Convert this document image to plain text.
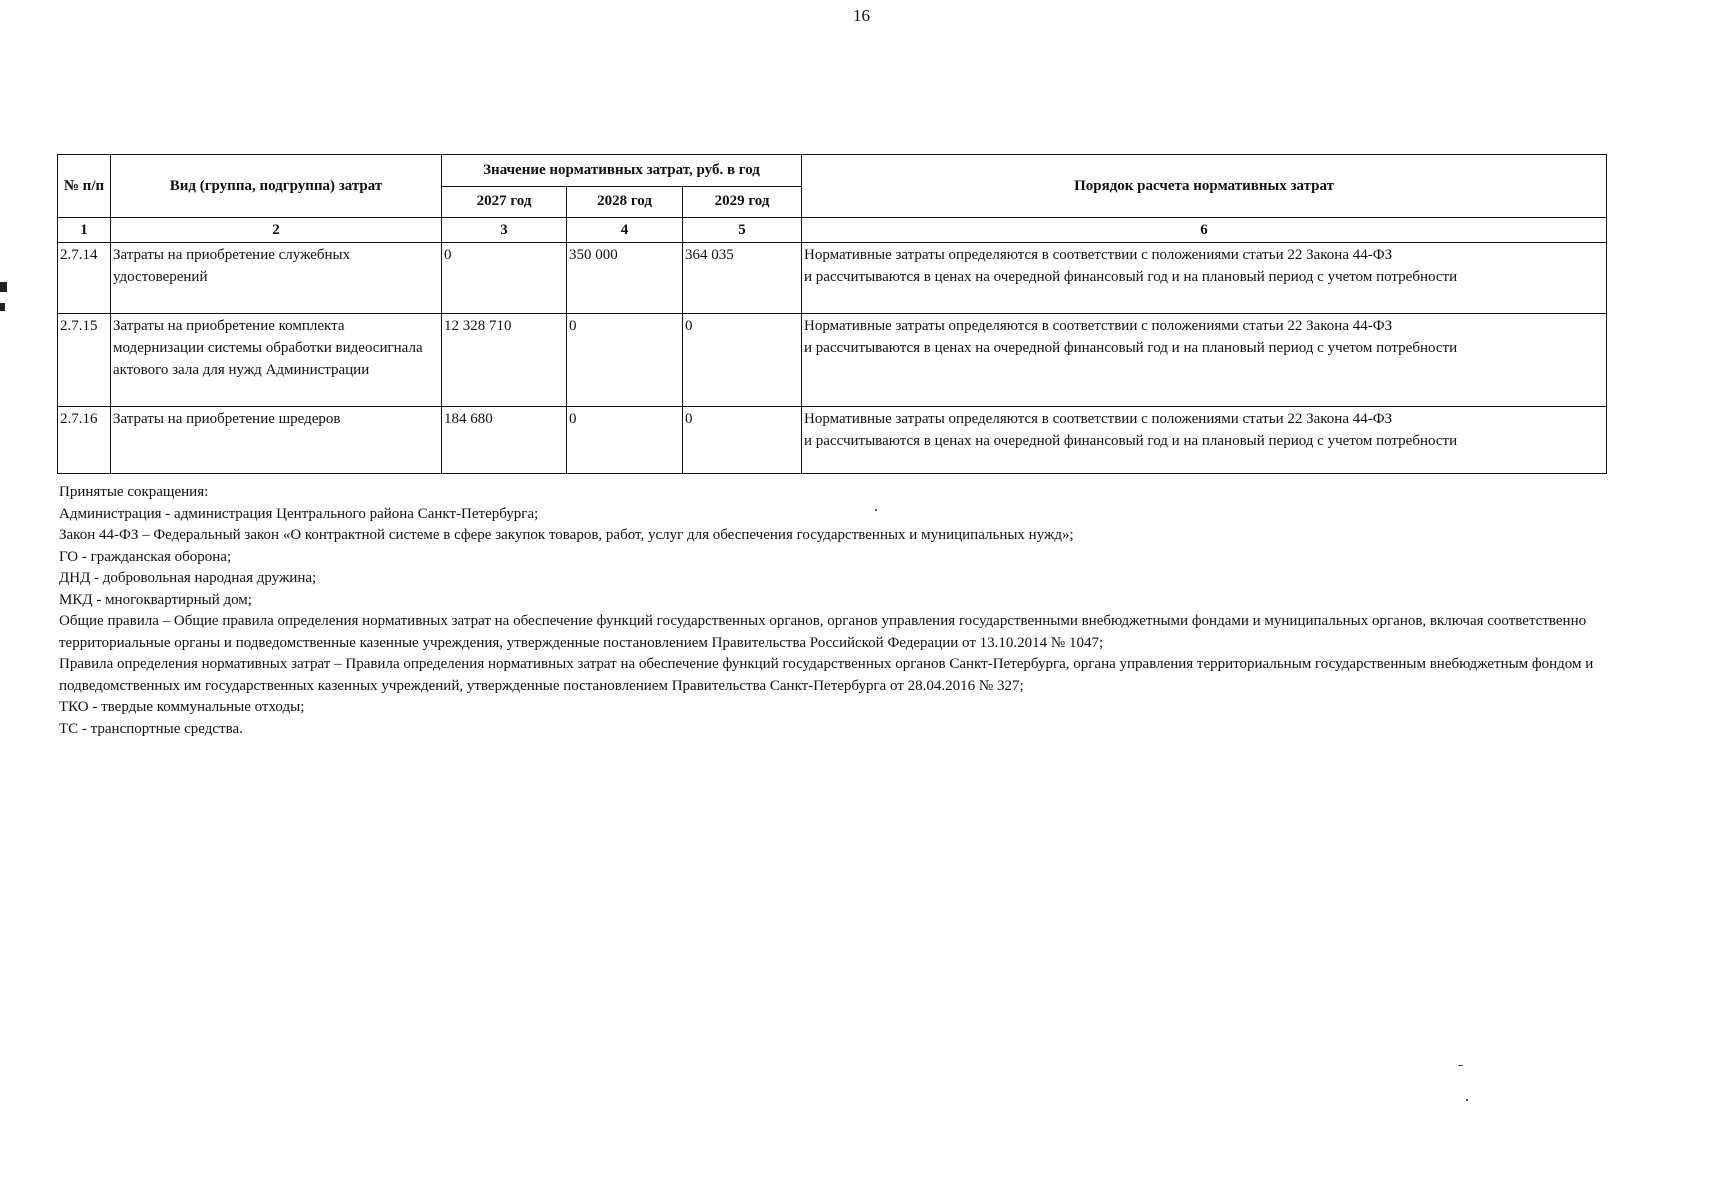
16
№ п/п	Вид (группа, подгруппа) затрат	Значение нормативных затрат, руб. в год			Порядок расчета нормативных затрат
		2027 год	2028 год	2029 год	
1	2	3	4	5	6
2.7.14	Затраты на приобретение служебных удостоверений	0	350 000	364 035	Нормативные затраты определяются в соответствии с положениями статьи 22 Закона 44-ФЗ
и рассчитываются в ценах на очередной финансовый год и на плановый период с учетом потребности

2.7.15	Затраты на приобретение комплекта модернизации системы обработки видеосигнала актового зала для нужд Администрации	12 328 710	0	0	Нормативные затраты определяются в соответствии с положениями статьи 22 Закона 44-ФЗ
и рассчитываются в ценах на очередной финансовый год и на плановый период с учетом потребности

2.7.16	Затраты на приобретение шредеров	184 680	0	0	Нормативные затраты определяются в соответствии с положениями статьи 22 Закона 44-ФЗ
и рассчитываются в ценах на очередной финансовый год и на плановый период с учетом потребности

Принятые сокращения:

Администрация - администрация Центрального района Санкт-Петербурга;

Закон 44-ФЗ – Федеральный закон «О контрактной системе в сфере закупок товаров, работ, услуг для обеспечения государственных и муниципальных нужд»;

ГО - гражданская оборона;

ДНД - добровольная народная дружина;

МКД - многоквартирный дом;

Общие правила – Общие правила определения нормативных затрат на обеспечение функций государственных органов, органов управления государственными внебюджетными фондами и муниципальных органов, включая соответственно территориальные органы и подведомственные казенные учреждения, утвержденные постановлением Правительства Российской Федерации от 13.10.2014 № 1047;

Правила определения нормативных затрат – Правила определения нормативных затрат на обеспечение функций государственных органов Санкт-Петербурга, органа управления территориальным государственным внебюджетным фондом и подведомственных им государственных казенных учреждений, утвержденные постановлением Правительства Санкт-Петербурга от 28.04.2016 № 327;

ТКО - твердые коммунальные отходы;

ТС - транспортные средства.
